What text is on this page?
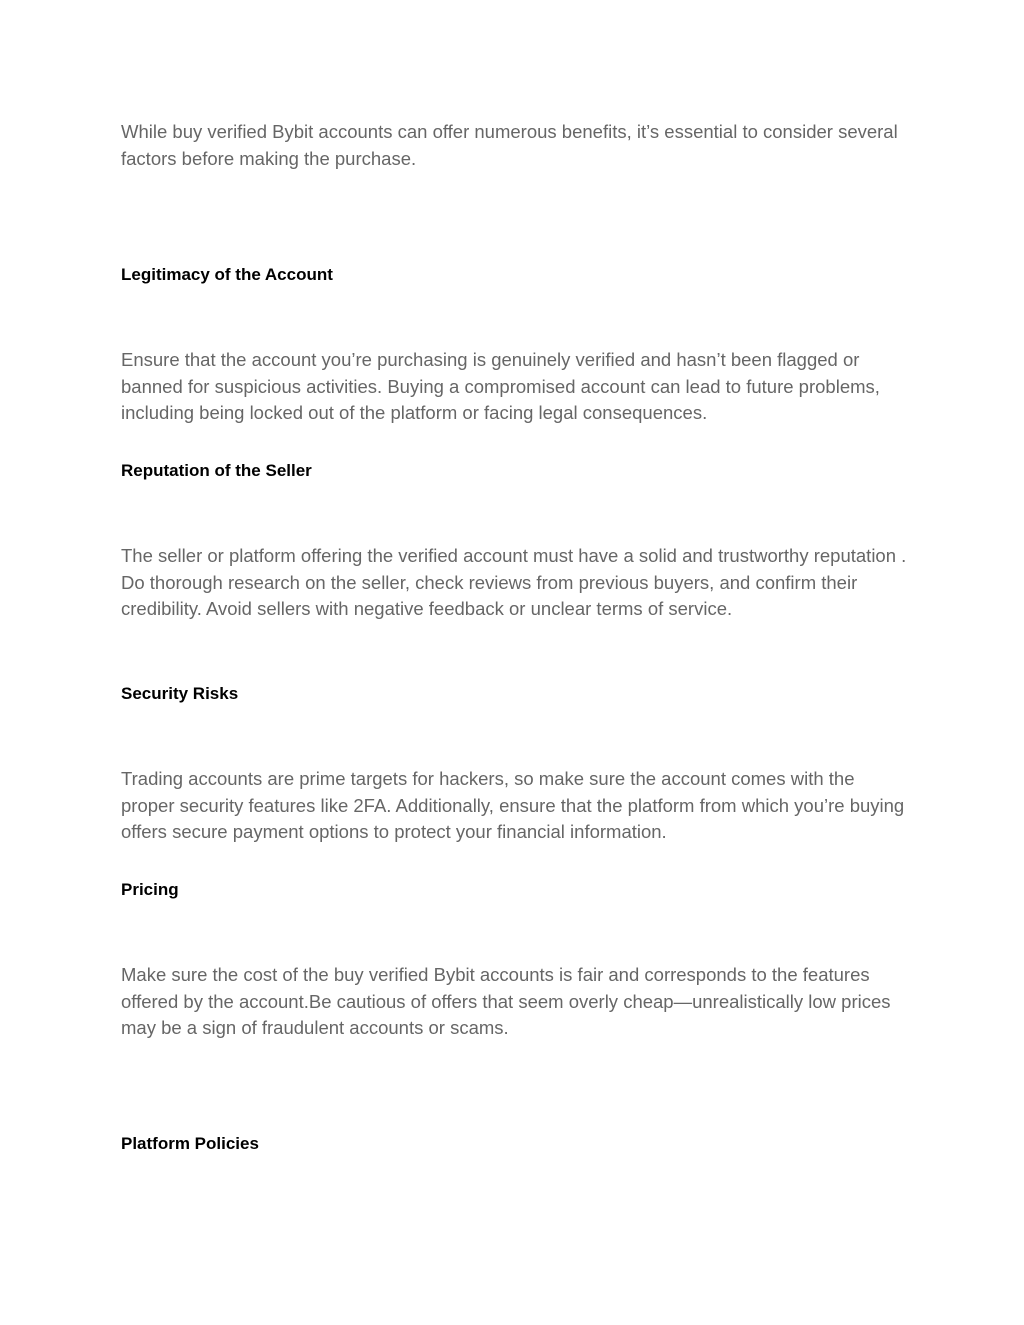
While buy verified Bybit accounts can offer numerous benefits, it’s essential to consider several factors before making the purchase.

Legitimacy of the Account

Ensure that the account you’re purchasing is genuinely verified and hasn’t been flagged or banned for suspicious activities. Buying a compromised account can lead to future problems, including being locked out of the platform or facing legal consequences.

Reputation of the Seller

The seller or platform offering the verified account must have a solid and trustworthy reputation . Do thorough research on the seller, check reviews from previous buyers, and confirm their credibility. Avoid sellers with negative feedback or unclear terms of service.

Security Risks

Trading accounts are prime targets for hackers, so make sure the account comes with the proper security features like 2FA. Additionally, ensure that the platform from which you’re buying offers secure payment options to protect your financial information.

Pricing

Make sure the cost of the buy verified Bybit accounts is fair and corresponds to the features offered by the account.Be cautious of offers that seem overly cheap—unrealistically low prices may be a sign of fraudulent accounts or scams.

Platform Policies
